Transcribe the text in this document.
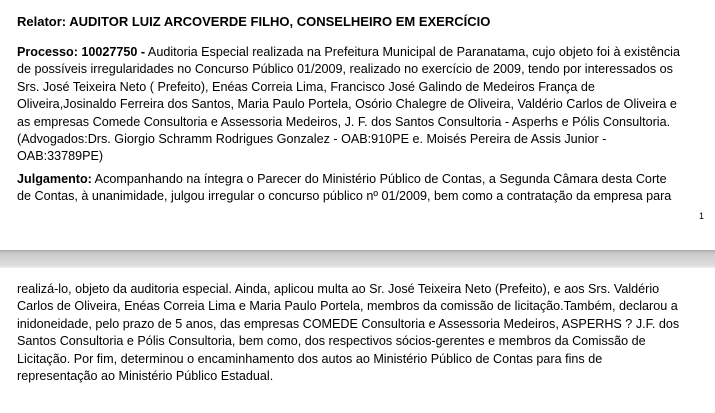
Relator: AUDITOR LUIZ ARCOVERDE FILHO, CONSELHEIRO EM EXERCÍCIO
Processo: 10027750 - Auditoria Especial realizada na Prefeitura Municipal de Paranatama, cujo objeto foi à existência
de possíveis irregularidades no Concurso Público 01/2009, realizado no exercício de 2009, tendo por interessados os
Srs. José Teixeira Neto ( Prefeito), Enéas Correia Lima, Francisco José Galindo de Medeiros França de
Oliveira,Josinaldo Ferreira dos Santos, Maria Paulo Portela, Osório Chalegre de Oliveira, Valdério Carlos de Oliveira e
as empresas Comede Consultoria e Assessoria Medeiros, J. F. dos Santos Consultoria - Asperhs e Pólis Consultoria.
(Advogados:Drs. Giorgio Schramm Rodrigues Gonzalez - OAB:910PE e. Moisés Pereira de Assis Junior -
OAB:33789PE)
Julgamento: Acompanhando na íntegra o Parecer do Ministério Público de Contas, a Segunda Câmara desta Corte
de Contas, à unanimidade, julgou irregular o concurso público nº 01/2009, bem como a contratação da empresa para
1
realizá-lo, objeto da auditoria especial. Ainda, aplicou multa ao Sr. José Teixeira Neto (Prefeito), e aos Srs. Valdério
Carlos de Oliveira, Enéas Correia Lima e Maria Paulo Portela, membros da comissão de licitação.Também, declarou a
inidoneidade, pelo prazo de 5 anos, das empresas COMEDE Consultoria e Assessoria Medeiros, ASPERHS ? J.F. dos
Santos Consultoria e Pólis Consultoria, bem como, dos respectivos sócios-gerentes e membros da Comissão de
Licitação. Por fim, determinou o encaminhamento dos autos ao Ministério Público de Contas para fins de
representação ao Ministério Público Estadual.
